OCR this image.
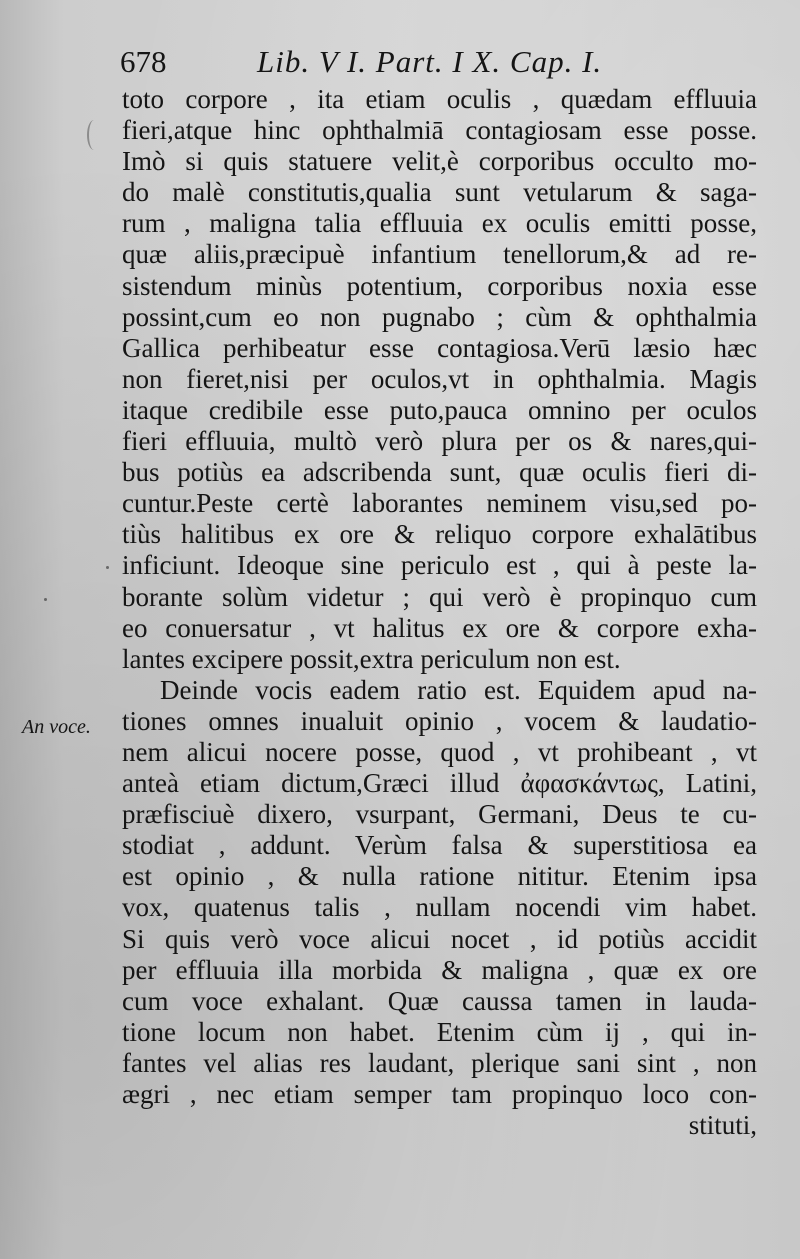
678	Lib. V I. Part. I X. Cap. I.
An voce.
toto corpore , ita etiam oculis , quædam effluuia
fieri,atque hinc ophthalmiā contagiosam esse posse.
Imò si quis statuere velit,è corporibus occulto mo-
do malè constitutis,qualia sunt vetularum & saga-
rum , maligna talia effluuia ex oculis emitti posse,
quæ aliis,præcipuè infantium tenellorum,& ad re-
sistendum minùs potentium, corporibus noxia esse
possint,cum eo non pugnabo ; cùm & ophthalmia
Gallica perhibeatur esse contagiosa.Verū læsio hæc
non fieret,nisi per oculos,vt in ophthalmia. Magis
itaque credibile esse puto,pauca omnino per oculos
fieri effluuia, multò verò plura per os & nares,qui-
bus potiùs ea adscribenda sunt, quæ oculis fieri di-
cuntur.Peste certè laborantes neminem visu,sed po-
tiùs halitibus ex ore & reliquo corpore exhalātibus
inficiunt. Ideoque sine periculo est , qui à peste la-
borante solùm videtur ; qui verò è propinquo cum
eo conuersatur , vt halitus ex ore & corpore exha-
lantes excipere possit,extra periculum non est.
Deinde vocis eadem ratio est. Equidem apud na-
tiones omnes inualuit opinio , vocem & laudatio-
nem alicui nocere posse, quod , vt prohibeant , vt
anteà etiam dictum,Græci illud ἀφασκάντως, Latini,
præfisciuè dixero, vsurpant, Germani, Deus te cu-
stodiat , addunt. Verùm falsa & superstitiosa ea
est opinio , & nulla ratione nititur. Etenim ipsa
vox, quatenus talis , nullam nocendi vim habet.
Si quis verò voce alicui nocet , id potiùs accidit
per effluuia illa morbida & maligna , quæ ex ore
cum voce exhalant. Quæ caussa tamen in lauda-
tione locum non habet. Etenim cùm ij , qui in-
fantes vel alias res laudant, plerique sani sint , non
ægri , nec etiam semper tam propinquo loco con-
stituti,
